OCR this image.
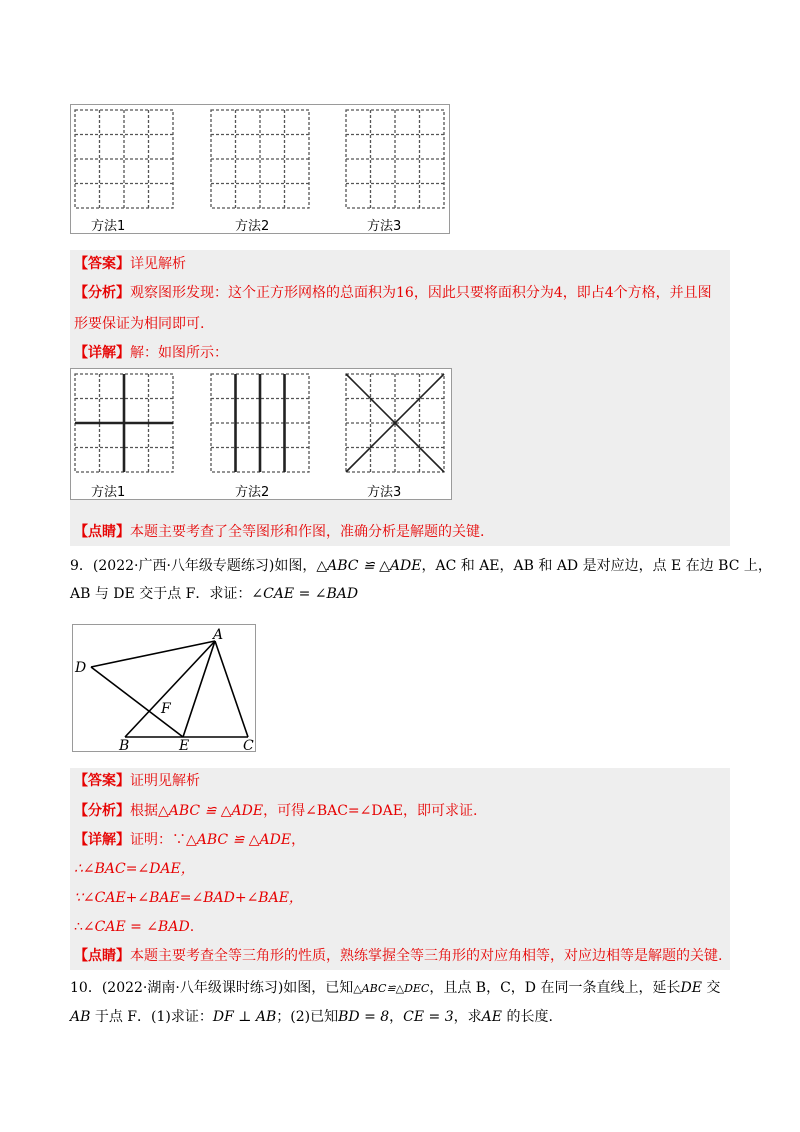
方法1	方法2	方法3
【答案】详见解析
【分析】观察图形发现：这个正方形网格的总面积为16，因此只要将面积分为4，即占4个方格，并且图
形要保证为相同即可.
【详解】解：如图所示：
方法1	方法2	方法3
【点睛】本题主要考查了全等图形和作图，准确分析是解题的关键.
9．(2022·广西·八年级专题练习)如图，△ABC ≌ △ADE，AC 和 AE，AB 和 AD 是对应边，点 E 在边 BC 上，
AB 与 DE 交于点 F．求证：∠CAE = ∠BAD
A
D
F
B	E	C
【答案】证明见解析
【分析】根据△ABC ≌ △ADE，可得∠BAC=∠DAE，即可求证.
【详解】证明：∵△ABC ≌ △ADE，
∴∠BAC=∠DAE，
∵∠CAE+∠BAE=∠BAD+∠BAE，
∴∠CAE = ∠BAD.
【点睛】本题主要考查全等三角形的性质，熟练掌握全等三角形的对应角相等，对应边相等是解题的关键.
10．(2022·湖南·八年级课时练习)如图，已知△ABC≌△DEC，且点 B，C，D 在同一条直线上，延长DE 交
AB 于点 F．(1)求证：DF ⊥ AB；(2)已知BD = 8，CE = 3，求AE 的长度.
